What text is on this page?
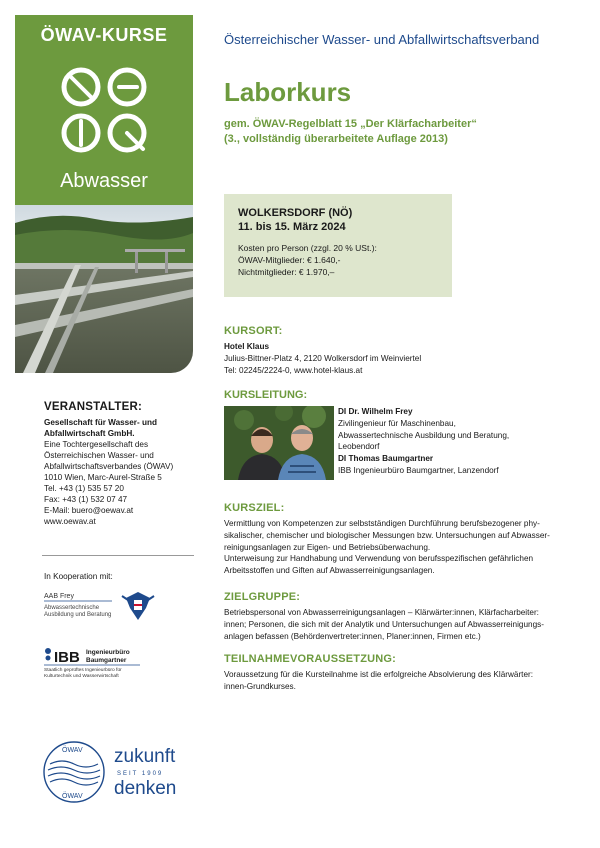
ÖWAV-KURSE
Abwasser
VERANSTALTER:
Gesellschaft für Wasser- und
Abfallwirtschaft GmbH.
Eine Tochtergesellschaft des
Österreichischen Wasser- und
Abfallwirtschaftsverbandes (ÖWAV)
1010 Wien, Marc-Aurel-Straße 5
Tel. +43 (1) 535 57 20
Fax: +43 (1) 532 07 47
E-Mail: buero@oewav.at
www.oewav.at
In Kooperation mit:
AAB Frey
Abwassertechnische
Ausbildung und Beratung
IBB Ingenieurbüro
Baumgartner
Staatlich geprüftes Ingenieurbüro für
Kulturtechnik und Wasserwirtschaft
ÖWAV
ÖWAV
zukunft
SEIT 1909
denken
Österreichischer Wasser- und Abfallwirtschaftsverband
Laborkurs
gem. ÖWAV-Regelblatt 15 „Der Klärfacharbeiter“
(3., vollständig überarbeitete Auflage 2013)
WOLKERSDORF (NÖ)
11. bis 15. März 2024
Kosten pro Person (zzgl. 20 % USt.):
ÖWAV-Mitglieder: € 1.640,-
Nichtmitglieder: € 1.970,–
KURSORT:

Hotel Klaus

Julius-Bittner-Platz 4, 2120 Wolkersdorf im Weinviertel

Tel: 02245/2224-0, www.hotel-klaus.at

KURSLEITUNG:
DI Dr. Wilhelm Frey
Zivilingenieur für Maschinenbau,
Abwassertechnische Ausbildung und Beratung,
Leobendorf
DI Thomas Baumgartner
IBB Ingenieurbüro Baumgartner, Lanzendorf
KURSZIEL:

Vermittlung von Kompetenzen zur selbstständigen Durchführung berufsbezogener phy-

sikalischer, chemischer und biologischer Messungen bzw. Untersuchungen auf Abwasser-

reinigungsanlagen zur Eigen- und Betriebsüberwachung.

Unterweisung zur Handhabung und Verwendung von berufsspezifischen gefährlichen

Arbeitsstoffen und Giften auf Abwasserreinigungsanlagen.

ZIELGRUPPE:

Betriebspersonal von Abwasserreinigungsanlagen – Klärwärter:innen, Klärfacharbeiter:

innen; Personen, die sich mit der Analytik und Untersuchungen auf Abwasserreinigungs-

anlagen befassen (Behördenvertreter:innen, Planer:innen, Firmen etc.)

TEILNAHMEVORAUSSETZUNG:

Voraussetzung für die Kursteilnahme ist die erfolgreiche Absolvierung des Klärwärter:

innen-Grundkurses.
